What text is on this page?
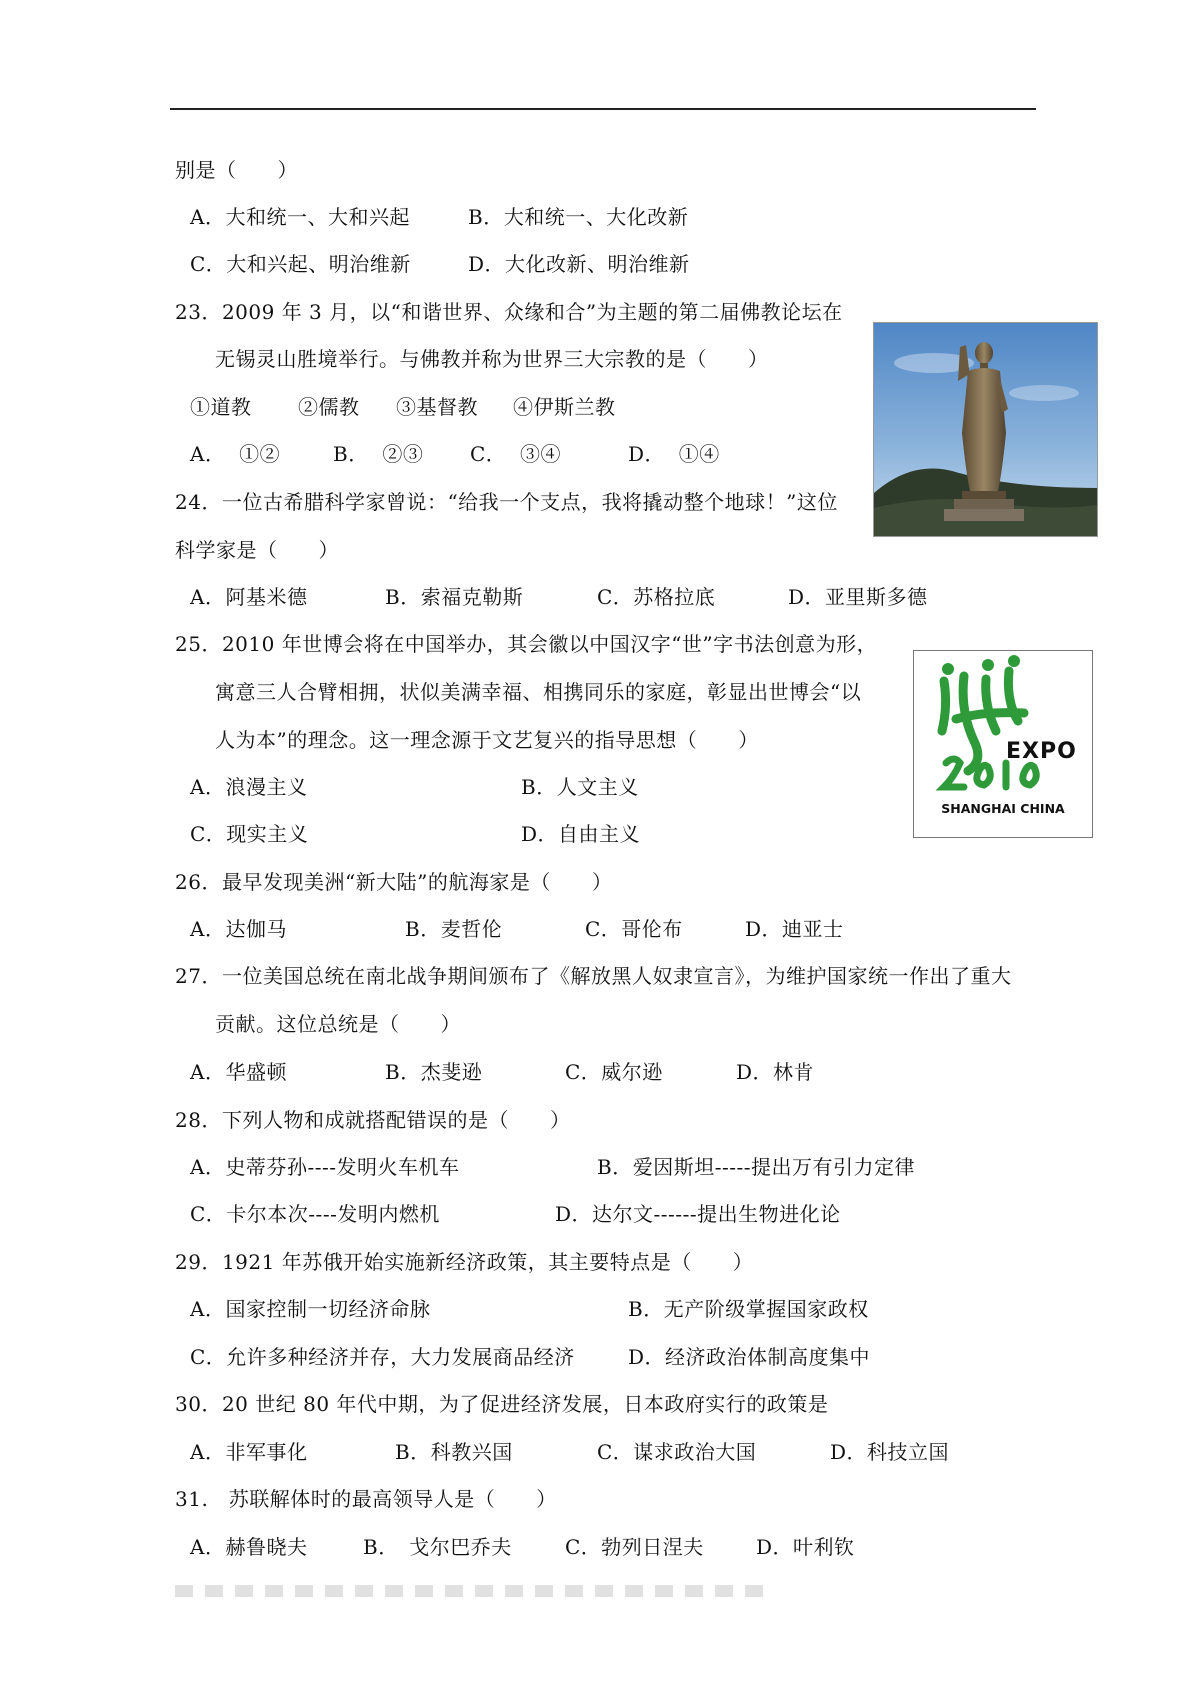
别是（　　）
A．大和统一、大和兴起	B．大和统一、大化改新
C．大和兴起、明治维新	D．大化改新、明治维新
23．2009 年 3 月，以“和谐世界、众缘和合”为主题的第二届佛教论坛在
无锡灵山胜境举行。与佛教并称为世界三大宗教的是（　　）
①道教 ②儒教 ③基督教 ④伊斯兰教
A．  ①②	B．  ②③ C．  ③④	D．  ①④
24．一位古希腊科学家曾说：“给我一个支点，我将撬动整个地球！”这位
科学家是（　　）
A．阿基米德	B．索福克勒斯	C．苏格拉底	D．亚里斯多德
25．2010 年世博会将在中国举办，其会徽以中国汉字“世”字书法创意为形，
寓意三人合臂相拥，状似美满幸福、相携同乐的家庭，彰显出世博会“以
人为本”的理念。这一理念源于文艺复兴的指导思想（　　）
A．浪漫主义	B．人文主义
C．现实主义	D．自由主义
EXPO
SHANGHAI CHINA
26．最早发现美洲“新大陆”的航海家是（　　）
A．达伽马	B．麦哲伦	C．哥伦布	D．迪亚士
27．一位美国总统在南北战争期间颁布了《解放黑人奴隶宣言》，为维护国家统一作出了重大
贡献。这位总统是（　　）
A．华盛顿	B．杰斐逊	C．威尔逊	D．林肯
28．下列人物和成就搭配错误的是（　　）
A．史蒂芬孙----发明火车机车	B．爱因斯坦-----提出万有引力定律
C．卡尔本次----发明内燃机	D．达尔文------提出生物进化论
29．1921 年苏俄开始实施新经济政策，其主要特点是（　　）
A．国家控制一切经济命脉	B．无产阶级掌握国家政权
C．允许多种经济并存，大力发展商品经济	D．经济政治体制高度集中
30．20 世纪 80 年代中期，为了促进经济发展，日本政府实行的政策是
A．非军事化	B．科教兴国	C．谋求政治大国	D．科技立国
31.　苏联解体时的最高领导人是（　　）
A．赫鲁晓夫	B．　戈尔巴乔夫	C．勃列日涅夫	D．叶利钦
